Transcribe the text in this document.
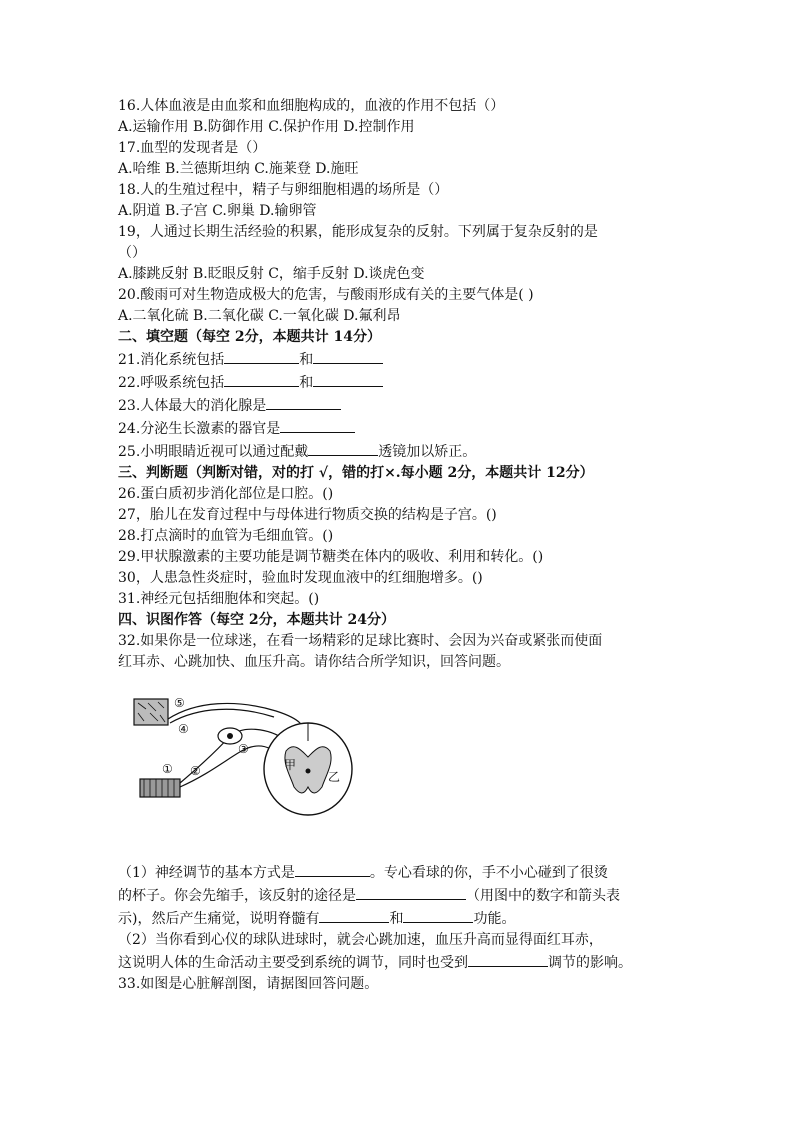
16.人体血液是由血浆和血细胞构成的，血液的作用不包括（）
A.运输作用 B.防御作用 C.保护作用 D.控制作用
17.血型的发现者是（）
A.哈维 B.兰德斯坦纳 C.施莱登 D.施旺
18.人的生殖过程中，精子与卵细胞相遇的场所是（）
A.阴道 B.子宫 C.卵巢 D.输卵管
19，人通过长期生活经验的积累，能形成复杂的反射。下列属于复杂反射的是
（）
A.膝跳反射 B.眨眼反射 C，缩手反射 D.谈虎色变
20.酸雨可对生物造成极大的危害，与酸雨形成有关的主要气体是( )
A.二氧化硫 B.二氧化碳 C.一氧化碳 D.氟利昂
二、填空题（每空 2分，本题共计 14分）
21.消化系统包括	和
22.呼吸系统包括	和
23.人体最大的消化腺是
24.分泌生长激素的器官是
25.小明眼睛近视可以通过配戴	透镜加以矫正。
三、判断题（判断对错，对的打 √，错的打×.每小题 2分，本题共计 12分）
26.蛋白质初步消化部位是口腔。()
27，胎儿在发育过程中与母体进行物质交换的结构是子宫。()
28.打点滴时的血管为毛细血管。()
29.甲状腺激素的主要功能是调节糖类在体内的吸收、利用和转化。()
30，人患急性炎症时，验血时发现血液中的红细胞增多。()
31.神经元包括细胞体和突起。()
四、识图作答（每空 2分，本题共计 24分）
32.如果你是一位球迷，在看一场精彩的足球比赛时、会因为兴奋或紧张而使面
红耳赤、心跳加快、血压升高。请你结合所学知识，回答问题。
⑤
④
① ②
③
甲
乙
（1）神经调节的基本方式是	。专心看球的你，手不小心碰到了很烫
的杯子。你会先缩手，该反射的途径是	（用图中的数字和箭头表
示)，然后产生痛觉，说明脊髓有	和	功能。
（2）当你看到心仪的球队进球时，就会心跳加速，血压升高而显得面红耳赤，
这说明人体的生命活动主要受到系统的调节，同时也受到	调节的影响。
33.如图是心脏解剖图，请据图回答问题。
